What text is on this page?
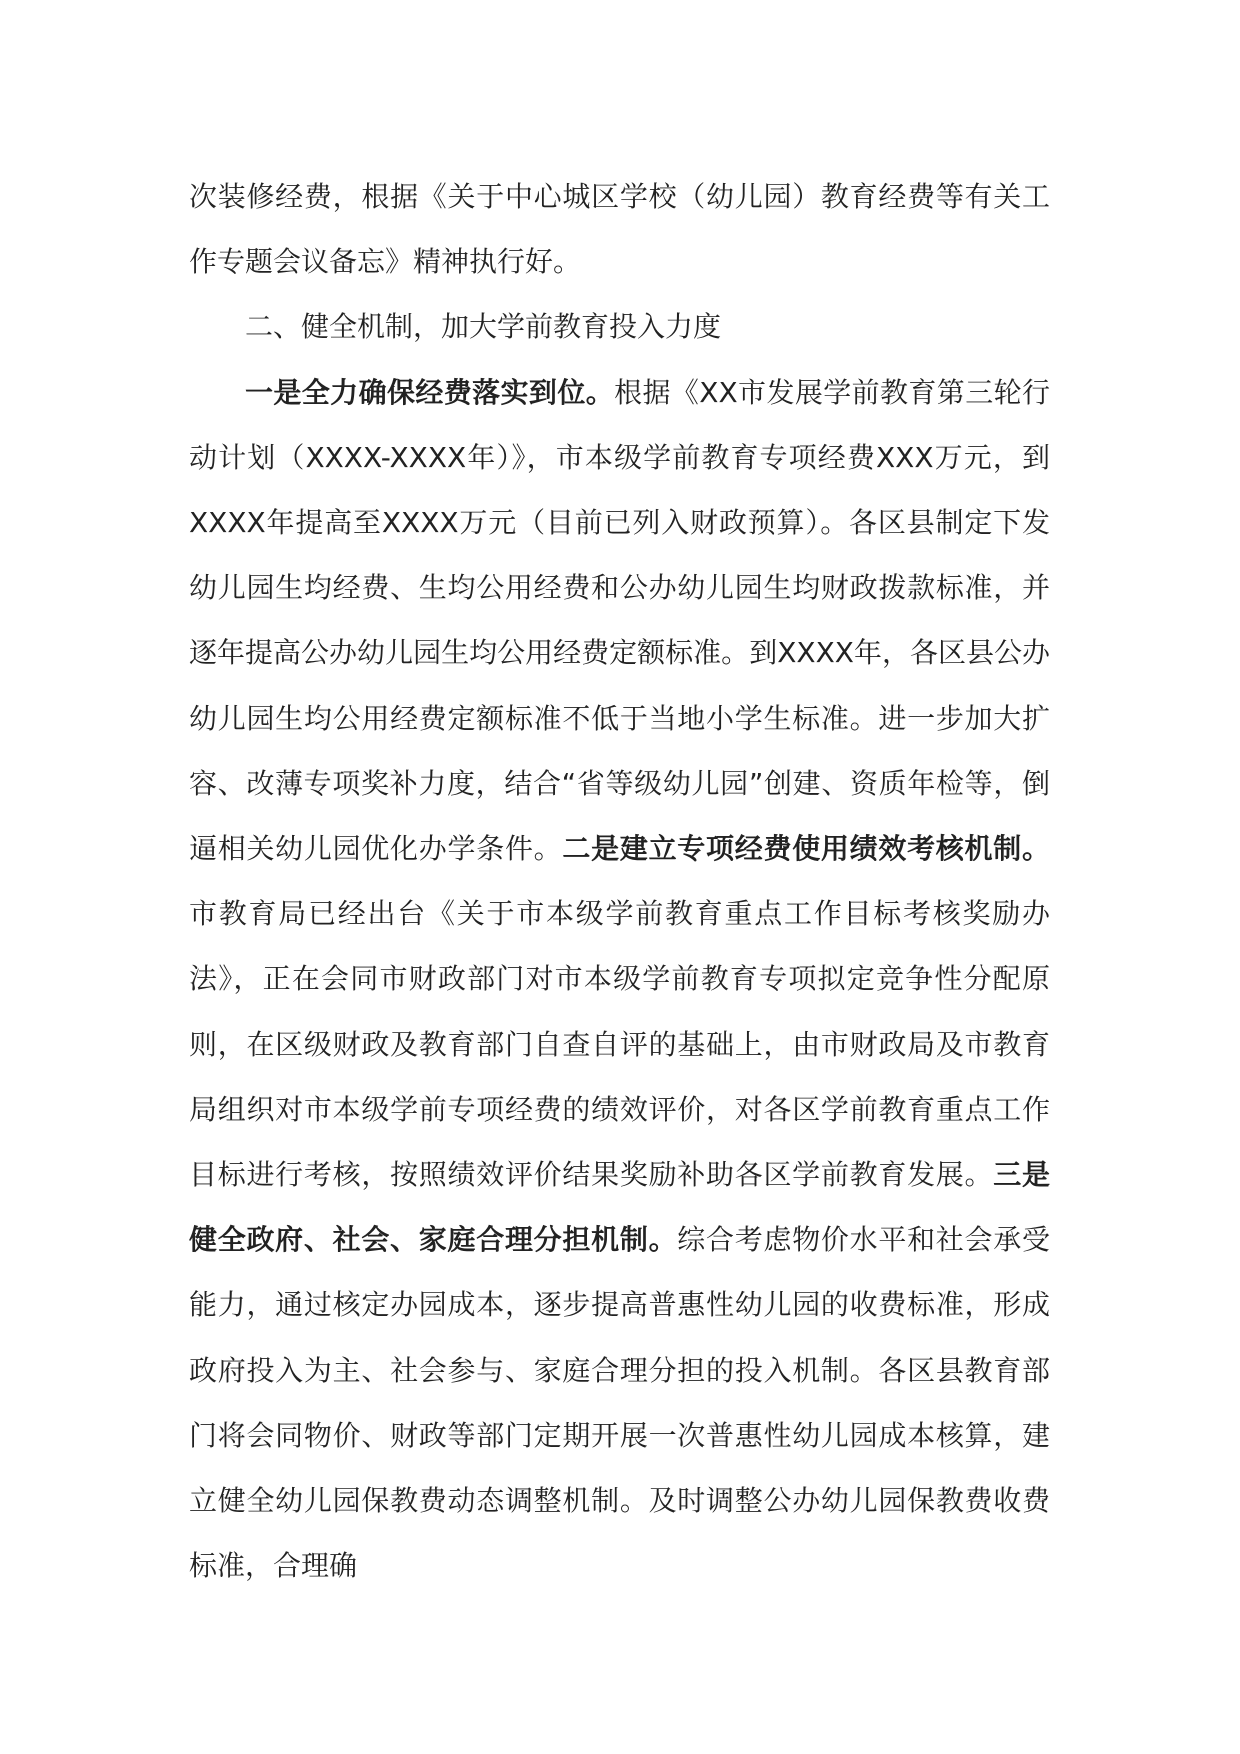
次装修经费，根据《关于中心城区学校（幼儿园）教育经费等有关工作专题会议备忘》精神执行好。

二、健全机制，加大学前教育投入力度

一是全力确保经费落实到位。根据《XX市发展学前教育第三轮行动计划（XXXX-XXXX年）》，市本级学前教育专项经费XXX万元，到XXXX年提高至XXXX万元（目前已列入财政预算）。各区县制定下发幼儿园生均经费、生均公用经费和公办幼儿园生均财政拨款标准，并逐年提高公办幼儿园生均公用经费定额标准。到XXXX年，各区县公办幼儿园生均公用经费定额标准不低于当地小学生标准。进一步加大扩容、改薄专项奖补力度，结合“省等级幼儿园”创建、资质年检等，倒逼相关幼儿园优化办学条件。二是建立专项经费使用绩效考核机制。市教育局已经出台《关于市本级学前教育重点工作目标考核奖励办法》，正在会同市财政部门对市本级学前教育专项拟定竞争性分配原则，在区级财政及教育部门自查自评的基础上，由市财政局及市教育局组织对市本级学前专项经费的绩效评价，对各区学前教育重点工作目标进行考核，按照绩效评价结果奖励补助各区学前教育发展。三是健全政府、社会、家庭合理分担机制。综合考虑物价水平和社会承受能力，通过核定办园成本，逐步提高普惠性幼儿园的收费标准，形成政府投入为主、社会参与、家庭合理分担的投入机制。各区县教育部门将会同物价、财政等部门定期开展一次普惠性幼儿园成本核算，建立健全幼儿园保教费动态调整机制。及时调整公办幼儿园保教费收费标准，合理确
